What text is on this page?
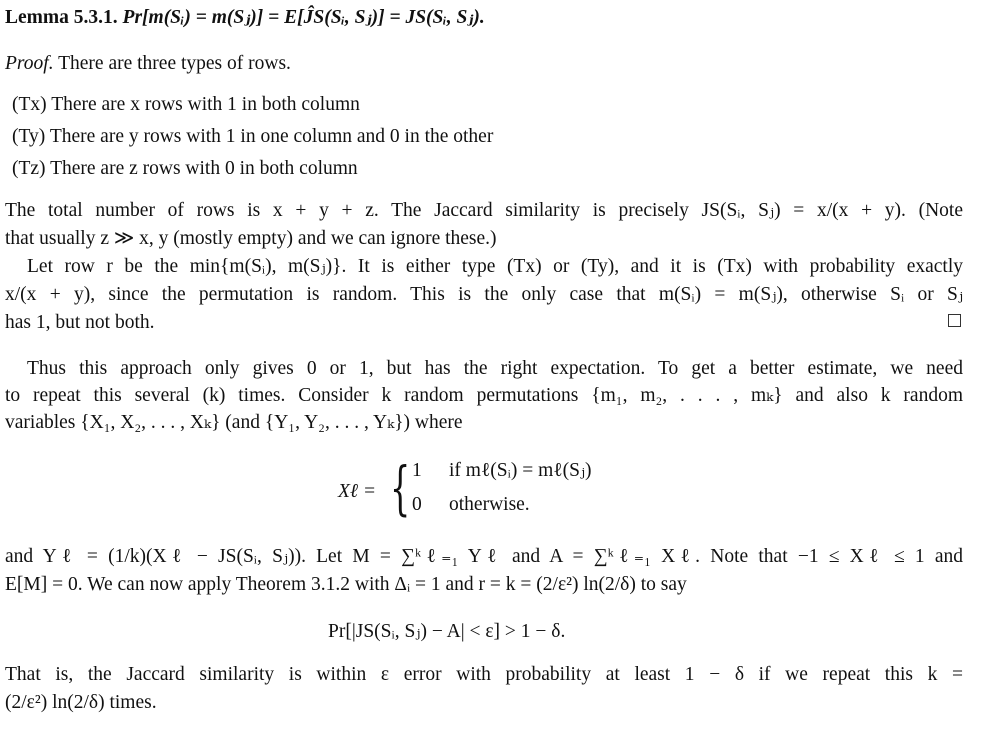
Lemma 5.3.1. Pr[m(Sᵢ) = m(Sⱼ)] = E[ĴS(Sᵢ, Sⱼ)] = JS(Sᵢ, Sⱼ).
Proof. There are three types of rows.
(Tx) There are x rows with 1 in both column
(Ty) There are y rows with 1 in one column and 0 in the other
(Tz) There are z rows with 0 in both column
The total number of rows is x + y + z. The Jaccard similarity is precisely JS(Sᵢ, Sⱼ) = x/(x + y). (Note
that usually z ≫ x, y (mostly empty) and we can ignore these.)
Let row r be the min{m(Sᵢ), m(Sⱼ)}. It is either type (Tx) or (Ty), and it is (Tx) with probability exactly
x/(x + y), since the permutation is random. This is the only case that m(Sᵢ) = m(Sⱼ), otherwise Sᵢ or Sⱼ
has 1, but not both.
Thus this approach only gives 0 or 1, but has the right expectation. To get a better estimate, we need
to repeat this several (k) times. Consider k random permutations {m₁, m₂, . . . , mₖ} and also k random
variables {X₁, X₂, . . . , Xₖ} (and {Y₁, Y₂, . . . , Yₖ}) where
Xℓ = { 1 if mℓ(Sᵢ) = mℓ(Sⱼ)
0 otherwise.
and Yℓ = (1/k)(Xℓ − JS(Sᵢ, Sⱼ)). Let M = ∑ᵏℓ₌₁ Yℓ and A = ∑ᵏℓ₌₁ Xℓ. Note that −1 ≤ Xℓ ≤ 1 and
E[M] = 0. We can now apply Theorem 3.1.2 with Δᵢ = 1 and r = k = (2/ε²) ln(2/δ) to say
Pr[|JS(Sᵢ, Sⱼ) − A| < ε] > 1 − δ.
That is, the Jaccard similarity is within ε error with probability at least 1 − δ if we repeat this k =
(2/ε²) ln(2/δ) times.
